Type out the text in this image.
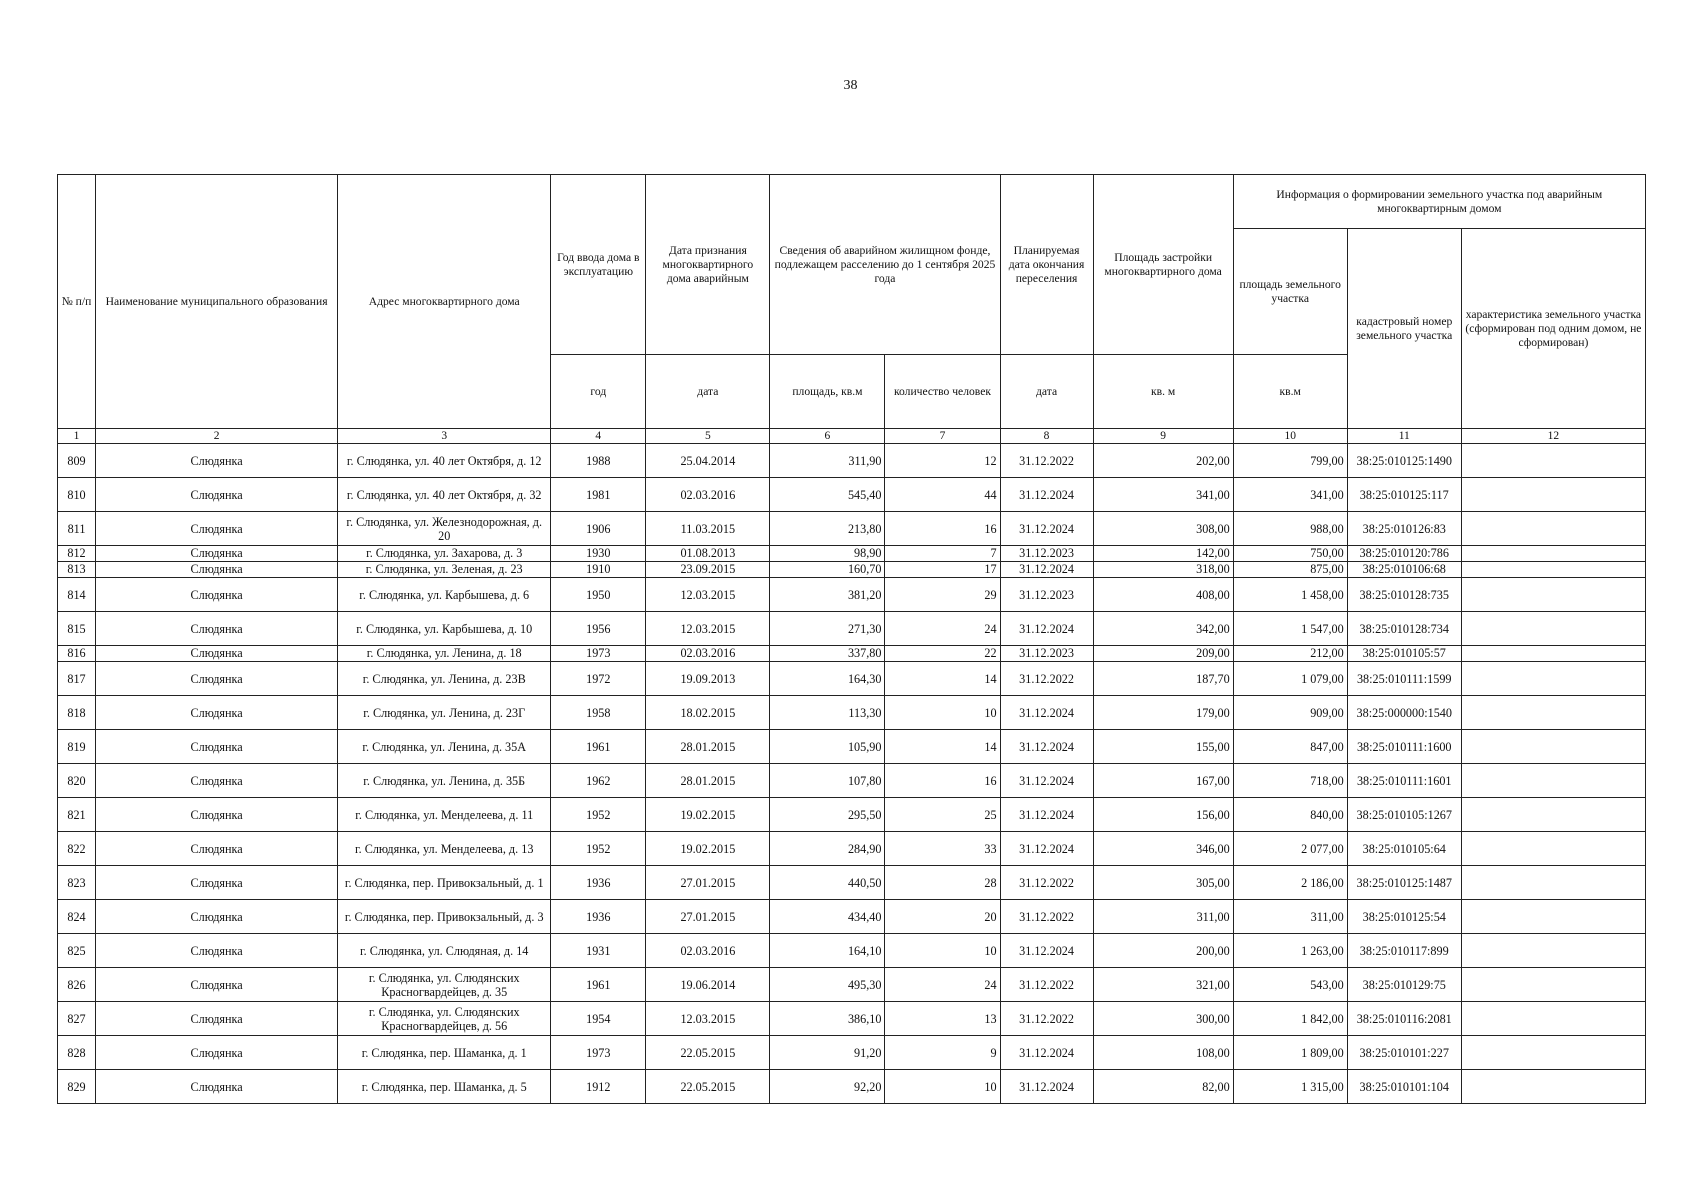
38
№ п/п	Наименование муниципального образования	Адрес многоквартирного дома	Год ввода дома в эксплуатацию	Дата признания многоквартирного дома аварийным	Сведения об аварийном жилищном фонде, подлежащем расселению до 1 сентября 2025 года		Планируемая дата окончания переселения	Площадь застройки многоквартирного дома	Информация о формировании земельного участка под аварийным многоквартирным домом		
									площадь земельного участка	кадастровый номер земельного участка	характеристика земельного участка (сформирован под одним домом, не сформирован)
			год	дата	площадь, кв.м	количество человек	дата	кв. м	кв.м		
1	2	3	4	5	6	7	8	9	10	11	12
809	Слюдянка	г. Слюдянка, ул. 40 лет Октября, д. 12	1988	25.04.2014	311,90	12	31.12.2022	202,00	799,00	38:25:010125:1490	
810	Слюдянка	г. Слюдянка, ул. 40 лет Октября, д. 32	1981	02.03.2016	545,40	44	31.12.2024	341,00	341,00	38:25:010125:117	
811	Слюдянка	г. Слюдянка, ул. Железнодорожная, д. 20	1906	11.03.2015	213,80	16	31.12.2024	308,00	988,00	38:25:010126:83	
812	Слюдянка	г. Слюдянка, ул. Захарова, д. 3	1930	01.08.2013	98,90	7	31.12.2023	142,00	750,00	38:25:010120:786	
813	Слюдянка	г. Слюдянка, ул. Зеленая, д. 23	1910	23.09.2015	160,70	17	31.12.2024	318,00	875,00	38:25:010106:68	
814	Слюдянка	г. Слюдянка, ул. Карбышева, д. 6	1950	12.03.2015	381,20	29	31.12.2023	408,00	1 458,00	38:25:010128:735	
815	Слюдянка	г. Слюдянка, ул. Карбышева, д. 10	1956	12.03.2015	271,30	24	31.12.2024	342,00	1 547,00	38:25:010128:734	
816	Слюдянка	г. Слюдянка, ул. Ленина, д. 18	1973	02.03.2016	337,80	22	31.12.2023	209,00	212,00	38:25:010105:57	
817	Слюдянка	г. Слюдянка, ул. Ленина, д. 23В	1972	19.09.2013	164,30	14	31.12.2022	187,70	1 079,00	38:25:010111:1599	
818	Слюдянка	г. Слюдянка, ул. Ленина, д. 23Г	1958	18.02.2015	113,30	10	31.12.2024	179,00	909,00	38:25:000000:1540	
819	Слюдянка	г. Слюдянка, ул. Ленина, д. 35А	1961	28.01.2015	105,90	14	31.12.2024	155,00	847,00	38:25:010111:1600	
820	Слюдянка	г. Слюдянка, ул. Ленина, д. 35Б	1962	28.01.2015	107,80	16	31.12.2024	167,00	718,00	38:25:010111:1601	
821	Слюдянка	г. Слюдянка, ул. Менделеева, д. 11	1952	19.02.2015	295,50	25	31.12.2024	156,00	840,00	38:25:010105:1267	
822	Слюдянка	г. Слюдянка, ул. Менделеева, д. 13	1952	19.02.2015	284,90	33	31.12.2024	346,00	2 077,00	38:25:010105:64	
823	Слюдянка	г. Слюдянка, пер. Привокзальный, д. 1	1936	27.01.2015	440,50	28	31.12.2022	305,00	2 186,00	38:25:010125:1487	
824	Слюдянка	г. Слюдянка, пер. Привокзальный, д. 3	1936	27.01.2015	434,40	20	31.12.2022	311,00	311,00	38:25:010125:54	
825	Слюдянка	г. Слюдянка, ул. Слюдяная, д. 14	1931	02.03.2016	164,10	10	31.12.2024	200,00	1 263,00	38:25:010117:899	
826	Слюдянка	г. Слюдянка, ул. Слюдянских Красногвардейцев, д. 35	1961	19.06.2014	495,30	24	31.12.2022	321,00	543,00	38:25:010129:75	
827	Слюдянка	г. Слюдянка, ул. Слюдянских Красногвардейцев, д. 56	1954	12.03.2015	386,10	13	31.12.2022	300,00	1 842,00	38:25:010116:2081	
828	Слюдянка	г. Слюдянка, пер. Шаманка, д. 1	1973	22.05.2015	91,20	9	31.12.2024	108,00	1 809,00	38:25:010101:227	
829	Слюдянка	г. Слюдянка, пер. Шаманка, д. 5	1912	22.05.2015	92,20	10	31.12.2024	82,00	1 315,00	38:25:010101:104	
